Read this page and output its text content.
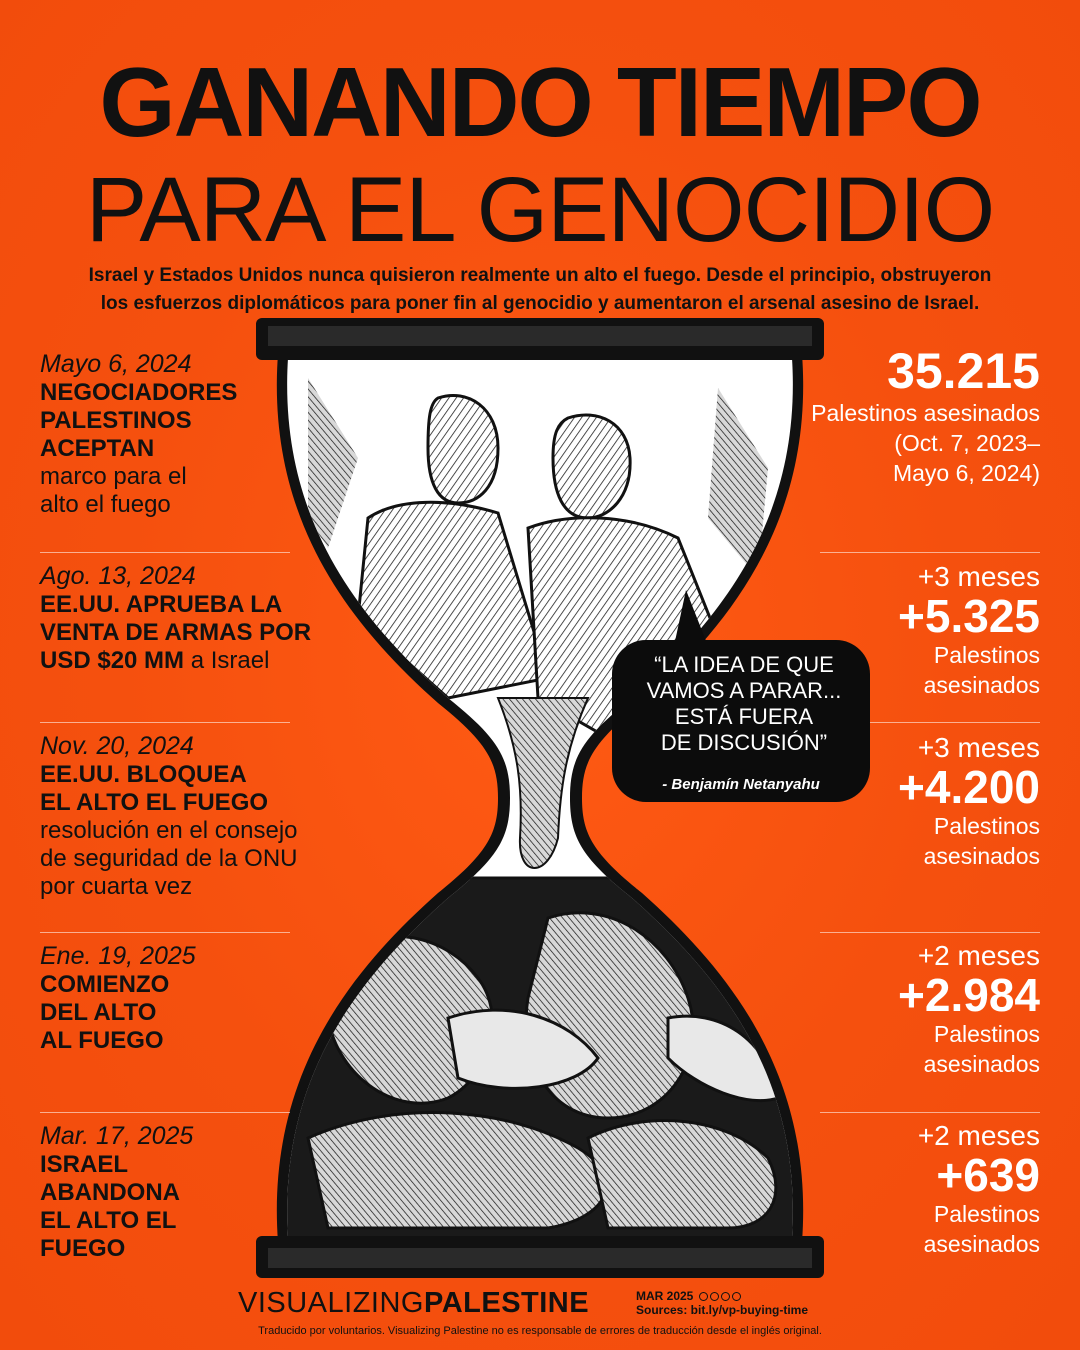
GANANDO TIEMPO
PARA EL GENOCIDIO
Israel y Estados Unidos nunca quisieron realmente un alto el fuego. Desde el principio, obstruyeron
los esfuerzos diplomáticos para poner fin al genocidio y aumentaron el arsenal asesino de Israel.
Mayo 6, 2024
NEGOCIADORES
PALESTINOS
ACEPTAN
marco para el
alto el fuego
Ago. 13, 2024
EE.UU. APRUEBA LA
VENTA DE ARMAS POR
USD $20 MM a Israel
Nov. 20, 2024
EE.UU. BLOQUEA
EL ALTO EL FUEGO
resolución en el consejo
de seguridad de la ONU
por cuarta vez
Ene. 19, 2025
COMIENZO
DEL ALTO
AL FUEGO
Mar. 17, 2025
ISRAEL
ABANDONA
EL ALTO EL
FUEGO
35.215
Palestinos asesinados
(Oct. 7, 2023–
Mayo 6, 2024)
+3 meses
+5.325
Palestinos
asesinados
+3 meses
+4.200
Palestinos
asesinados
+2 meses
+2.984
Palestinos
asesinados
+2 meses
+639
Palestinos
asesinados
“LA IDEA DE QUE
VAMOS A PARAR...
ESTÁ FUERA
DE DISCUSIÓN”
- Benjamín Netanyahu
VISUALIZINGPALESTINE	MAR 2025
Sources: bit.ly/vp-buying-time
Traducido por voluntarios. Visualizing Palestine no es responsable de errores de traducción desde el inglés original.
